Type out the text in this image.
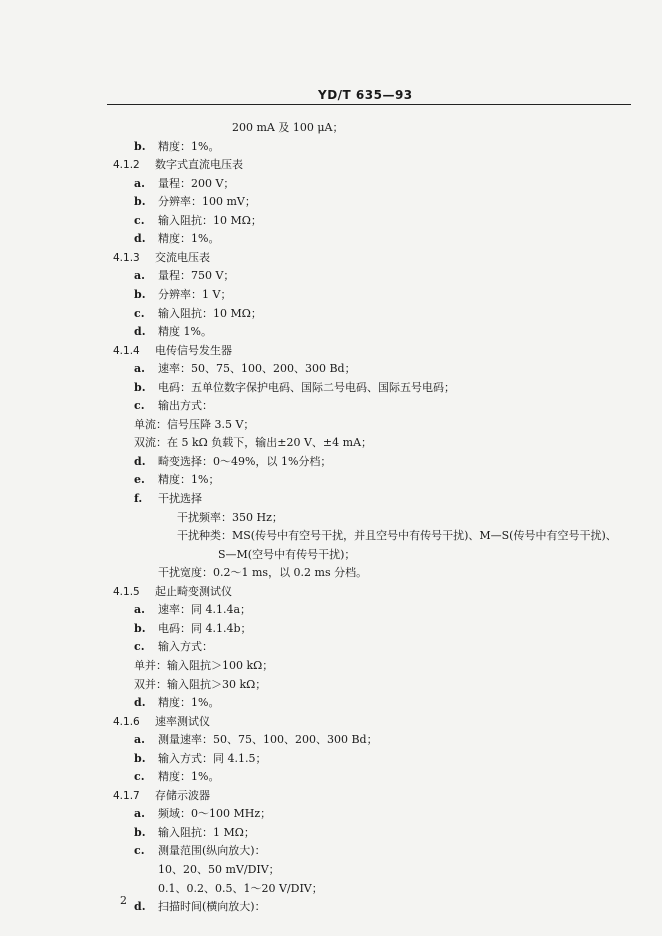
YD/T 635—93
200 mA 及 100 μA；
b. 精度：1%。
4.1.2 数字式直流电压表
a. 量程：200 V；
b. 分辨率：100 mV；
c. 输入阻抗：10 MΩ；
d. 精度：1%。
4.1.3 交流电压表
a. 量程：750 V；
b. 分辨率：1 V；
c. 输入阻抗：10 MΩ；
d. 精度 1%。
4.1.4 电传信号发生器
a. 速率：50、75、100、200、300 Bd；
b. 电码：五单位数字保护电码、国际二号电码、国际五号电码；
c. 输出方式：
单流：信号压降 3.5 V；
双流：在 5 kΩ 负载下，输出±20 V、±4 mA；
d. 畸变选择：0～49%，以 1%分档；
e. 精度：1%；
f. 干扰选择
干扰频率：350 Hz；
干扰种类：MS(传号中有空号干扰，并且空号中有传号干扰)、M—S(传号中有空号干扰)、
S—M(空号中有传号干扰)；
干扰宽度：0.2～1 ms，以 0.2 ms 分档。
4.1.5 起止畸变测试仪
a. 速率：同 4.1.4a；
b. 电码：同 4.1.4b；
c. 输入方式：
单并：输入阻抗＞100 kΩ；
双并：输入阻抗＞30 kΩ；
d. 精度：1%。
4.1.6 速率测试仪
a. 测量速率：50、75、100、200、300 Bd；
b. 输入方式：同 4.1.5；
c. 精度：1%。
4.1.7 存储示波器
a. 频域：0～100 MHz；
b. 输入阻抗：1 MΩ；
c. 测量范围(纵向放大)：
10、20、50 mV/DIV；
0.1、0.2、0.5、1～20 V/DIV；
d. 扫描时间(横向放大)：
2
